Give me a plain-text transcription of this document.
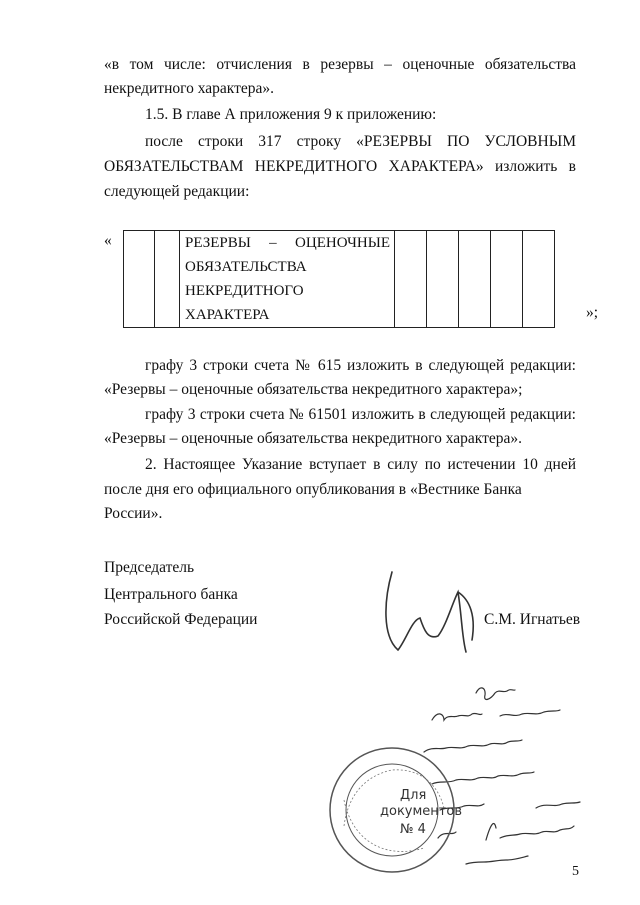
«в том числе: отчисления в резервы – оценочные обязательства

некредитного характера».

1.5. В главе А приложения 9 к приложению:

после строки 317 строку «РЕЗЕРВЫ ПО УСЛОВНЫМ

ОБЯЗАТЕЛЬСТВАМ НЕКРЕДИТНОГО ХАРАКТЕРА» изложить в

следующей редакции:

«
			РЕЗЕРВЫ – ОЦЕНОЧНЫЕ ОБЯЗАТЕЛЬСТВА НЕКРЕДИТНОГО ХАРАКТЕРА						»;

графу 3 строки счета № 615 изложить в следующей редакции:

«Резервы – оценочные обязательства некредитного характера»;

графу 3 строки счета № 61501 изложить в следующей редакции:

«Резервы – оценочные обязательства некредитного характера».

2. Настоящее Указание вступает в силу по истечении 10 дней

после дня его официального опубликования в «Вестнике Банка России».

Председатель
Центрального банка
Российской Федерации	С.М. Игнатьев
Для
документов
№ 4
5
